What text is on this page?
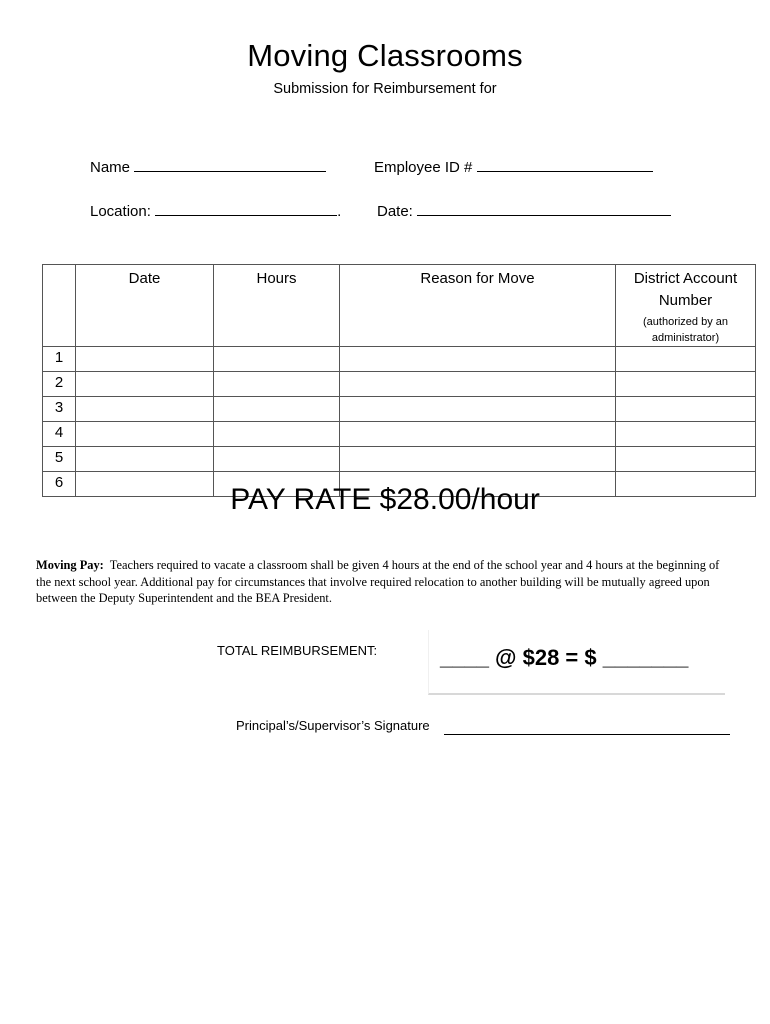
Moving Classrooms
Submission for Reimbursement for
Name	Employee ID #
Location:	. Date:

	Date	Hours	Reason for Move	District Account Number
(authorized by an administrator)

1				
2				
3				
4				
5				
6				
PAY RATE $28.00/hour
Moving Pay: Teachers required to vacate a classroom shall be given 4 hours at the end of the school year and 4 hours at the beginning of the next school year. Additional pay for circumstances that involve required relocation to another building will be mutually agreed upon between the Deputy Superintendent and the BEA President.
TOTAL REIMBURSEMENT:	____ @ $28 = $ _______
Principal’s/Supervisor’s Signature
